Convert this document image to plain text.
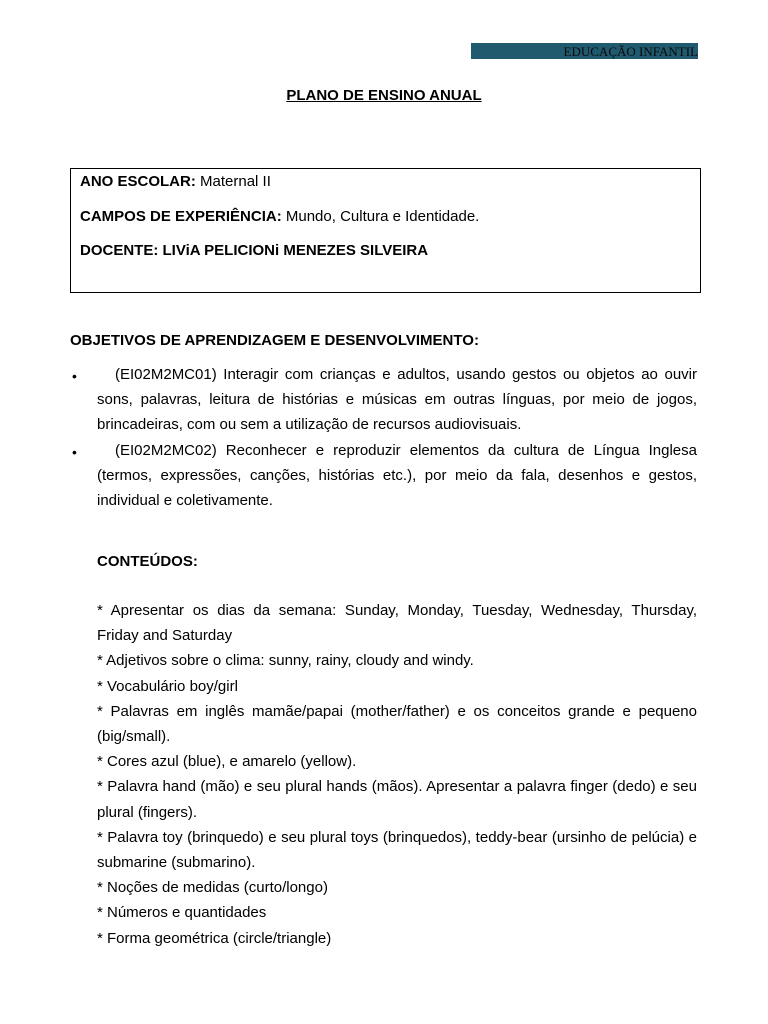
EDUCAÇÃO INFANTIL
PLANO DE ENSINO ANUAL
ANO ESCOLAR: Maternal II
CAMPOS DE EXPERIÊNCIA: Mundo, Cultura e Identidade.
DOCENTE: LIViA PELICIONi MENEZES SILVEIRA
OBJETIVOS DE APRENDIZAGEM E DESENVOLVIMENTO:
•	(EI02M2MC01) Interagir com crianças e adultos, usando gestos ou objetos ao ouvir sons, palavras, leitura de histórias e músicas em outras línguas, por meio de jogos, brincadeiras, com ou sem a utilização de recursos audiovisuais.
•	(EI02M2MC02) Reconhecer e reproduzir elementos da cultura de Língua Inglesa (termos, expressões, canções, histórias etc.), por meio da fala, desenhos e gestos, individual e coletivamente.
CONTEÚDOS:
* Apresentar os dias da semana: Sunday, Monday, Tuesday, Wednesday, Thursday, Friday and Saturday
* Adjetivos sobre o clima: sunny, rainy, cloudy and windy.
* Vocabulário boy/girl
* Palavras em inglês mamãe/papai (mother/father) e os conceitos grande e pequeno (big/small).
* Cores azul (blue), e amarelo (yellow).
* Palavra hand (mão) e seu plural hands (mãos). Apresentar a palavra finger (dedo) e seu plural (fingers).
* Palavra toy (brinquedo) e seu plural toys (brinquedos), teddy-bear (ursinho de pelúcia) e submarine (submarino).
* Noções de medidas (curto/longo)
* Números e quantidades
* Forma geométrica (circle/triangle)
